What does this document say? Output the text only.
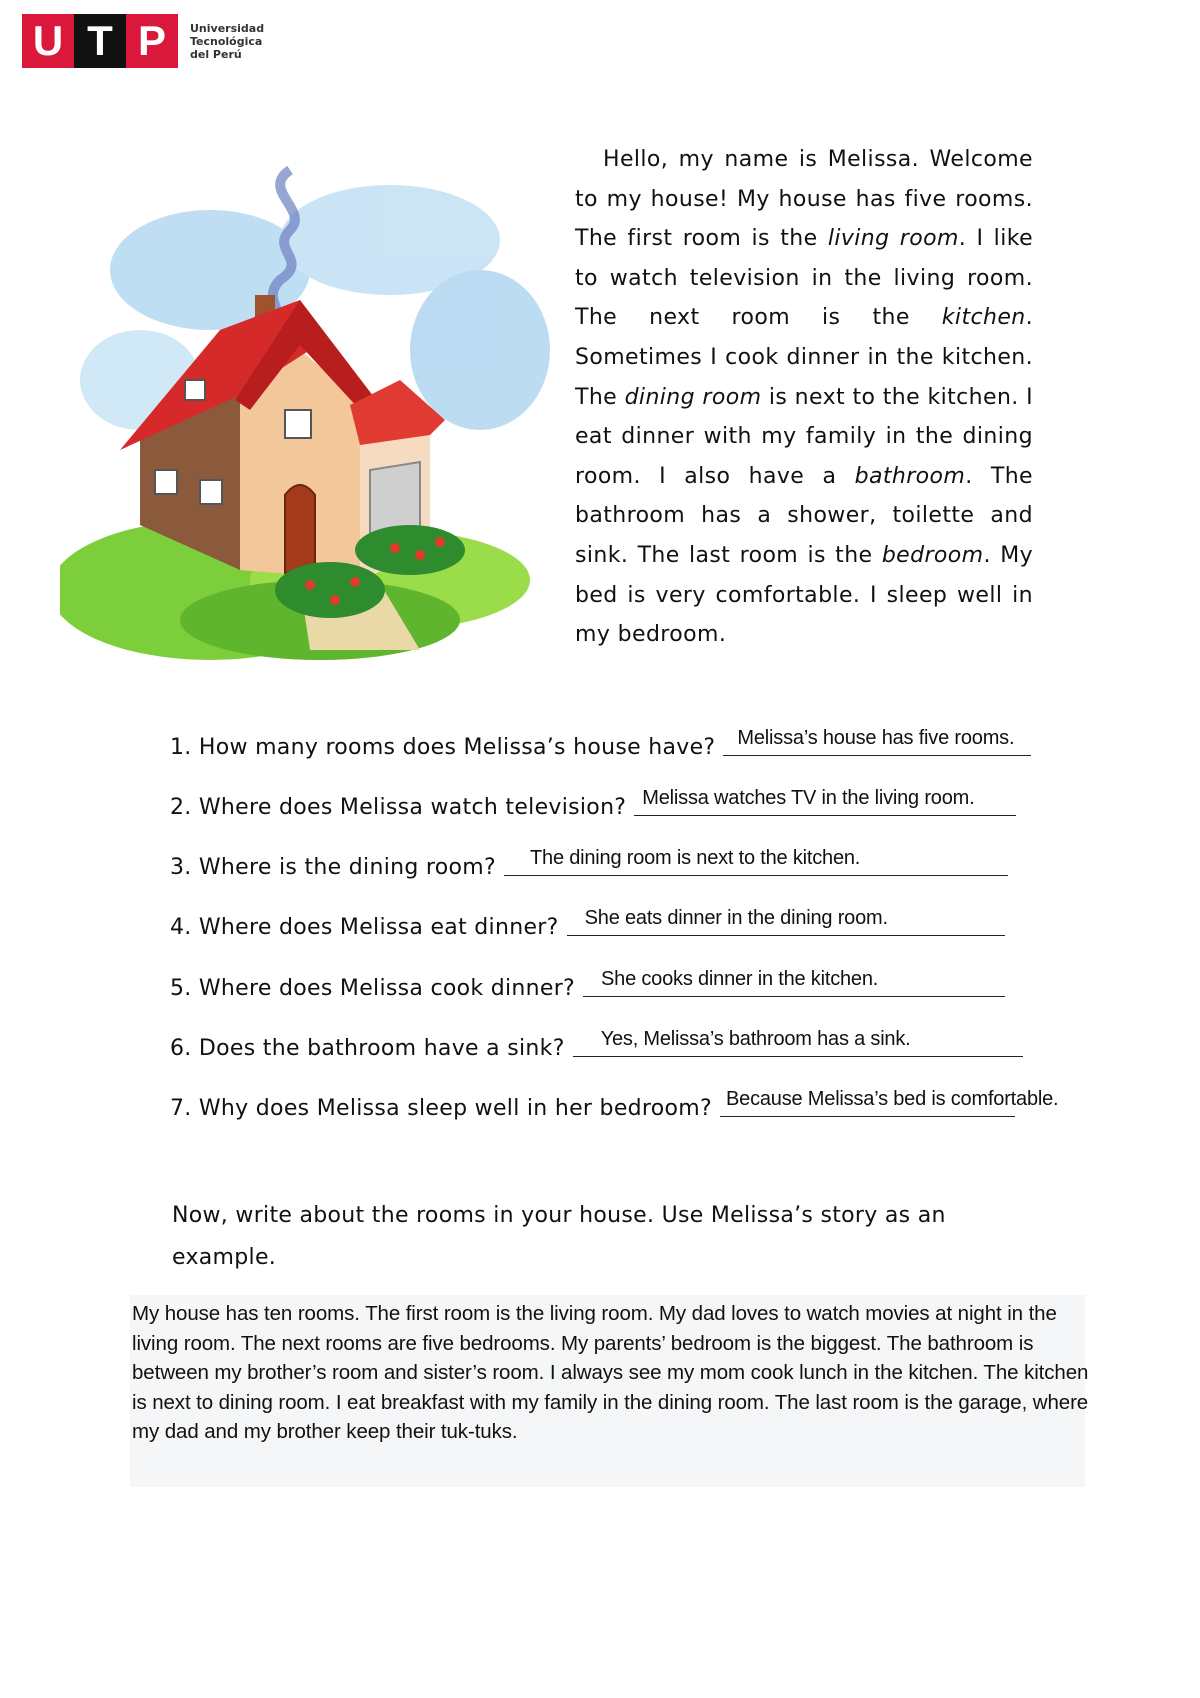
U T P	Universidad
Tecnológica
del Perú

Hello, my name is Melissa. Welcome to my house! My house has five rooms. The first room is the living room. I like to watch television in the living room. The next room is the kitchen. Sometimes I cook dinner in the kitchen. The dining room is next to the kitchen. I eat dinner with my family in the dining room. I also have a bathroom. The bathroom has a shower, toilette and sink. The last room is the bedroom. My bed is very comfortable. I sleep well in my bedroom.

1. How many rooms does Melissa’s house have? Melissa’s house has five rooms.
2. Where does Melissa watch television? Melissa watches TV in the living room.
3. Where is the dining room? The dining room is next to the kitchen.
4. Where does Melissa eat dinner? She eats dinner in the dining room.
5. Where does Melissa cook dinner? She cooks dinner in the kitchen.
6. Does the bathroom have a sink? Yes, Melissa’s bathroom has a sink.
7. Why does Melissa sleep well in her bedroom? Because Melissa’s bed is comfortable.
Now, write about the rooms in your house. Use Melissa’s story as an example.
My house has ten rooms. The first room is the living room. My dad loves to watch movies at night in the living room. The next rooms are five bedrooms. My parents’ bedroom is the biggest. The bathroom is between my brother’s room and sister’s room. I always see my mom cook lunch in the kitchen. The kitchen is next to dining room. I eat breakfast with my family in the dining room. The last room is the garage, where my dad and my brother keep their tuk-tuks.
